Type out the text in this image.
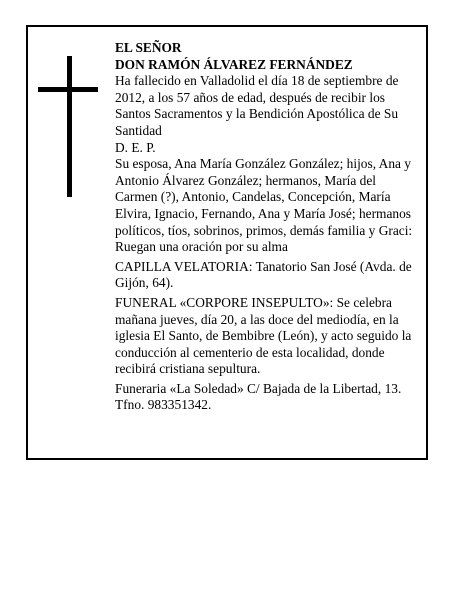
EL SEÑOR

DON RAMÓN ÁLVAREZ FERNÁNDEZ

Ha fallecido en Valladolid el día 18 de septiembre de 2012, a los 57 años de edad, después de recibir los Santos Sacramentos y la Bendición Apostólica de Su Santidad

D. E. P.

Su esposa, Ana María González González; hijos, Ana y Antonio Álvarez González; hermanos, María del Carmen (?), Antonio, Candelas, Concepción, María Elvira, Ignacio, Fernando, Ana y María José; hermanos políticos, tíos, sobrinos, primos, demás familia y Graci:

Ruegan una oración por su alma

CAPILLA VELATORIA: Tanatorio San José (Avda. de Gijón, 64).

FUNERAL «CORPORE INSEPULTO»: Se celebra mañana jueves, día 20, a las doce del mediodía, en la iglesia El Santo, de Bembibre (León), y acto seguido la conducción al cementerio de esta localidad, donde recibirá cristiana sepultura.

Funeraria «La Soledad» C/ Bajada de la Libertad, 13. Tfno. 983351342.
